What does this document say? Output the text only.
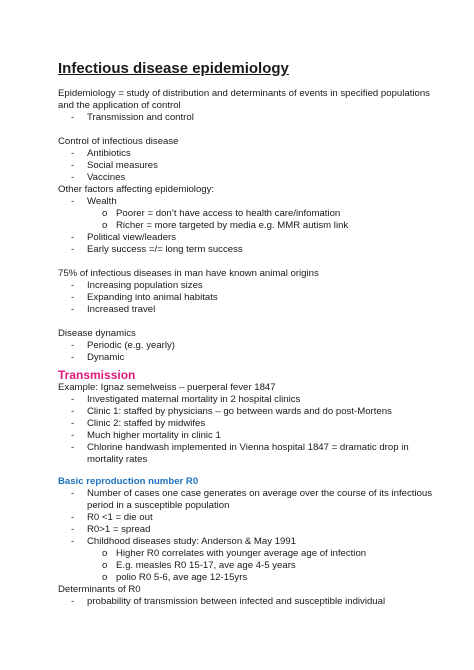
Infectious disease epidemiology
Epidemiology = study of distribution and determinants of events in specified populations
and the application of control
- Transmission and control
Control of infectious disease
- Antibiotics
- Social measures
- Vaccines
Other factors affecting epidemiology:
- Wealth
o Poorer = don’t have access to health care/infomation
o Richer = more targeted by media e.g. MMR autism link
- Political view/leaders
- Early success =/= long term success
75% of infectious diseases in man have known animal origins
- Increasing population sizes
- Expanding into animal habitats
- Increased travel
Disease dynamics
- Periodic (e.g. yearly)
- Dynamic
Transmission
Example: Ignaz semelweiss – puerperal fever 1847
- Investigated maternal mortality in 2 hospital clinics
- Clinic 1: staffed by physicians – go between wards and do post-Mortens
- Clinic 2: staffed by midwifes
- Much higher mortality in clinic 1
- Chlorine handwash implemented in Vienna hospital 1847 = dramatic drop in
mortality rates
Basic reproduction number R0
- Number of cases one case generates on average over the course of its infectious
period in a susceptible population
- R0 <1 = die out
- R0>1 = spread
- Childhood diseases study: Anderson & May 1991
o Higher R0 correlates with younger average age of infection
o E.g. measles R0 15-17, ave age 4-5 years
o polio R0 5-6, ave age 12-15yrs
Determinants of R0
- probability of transmission between infected and susceptible individual
